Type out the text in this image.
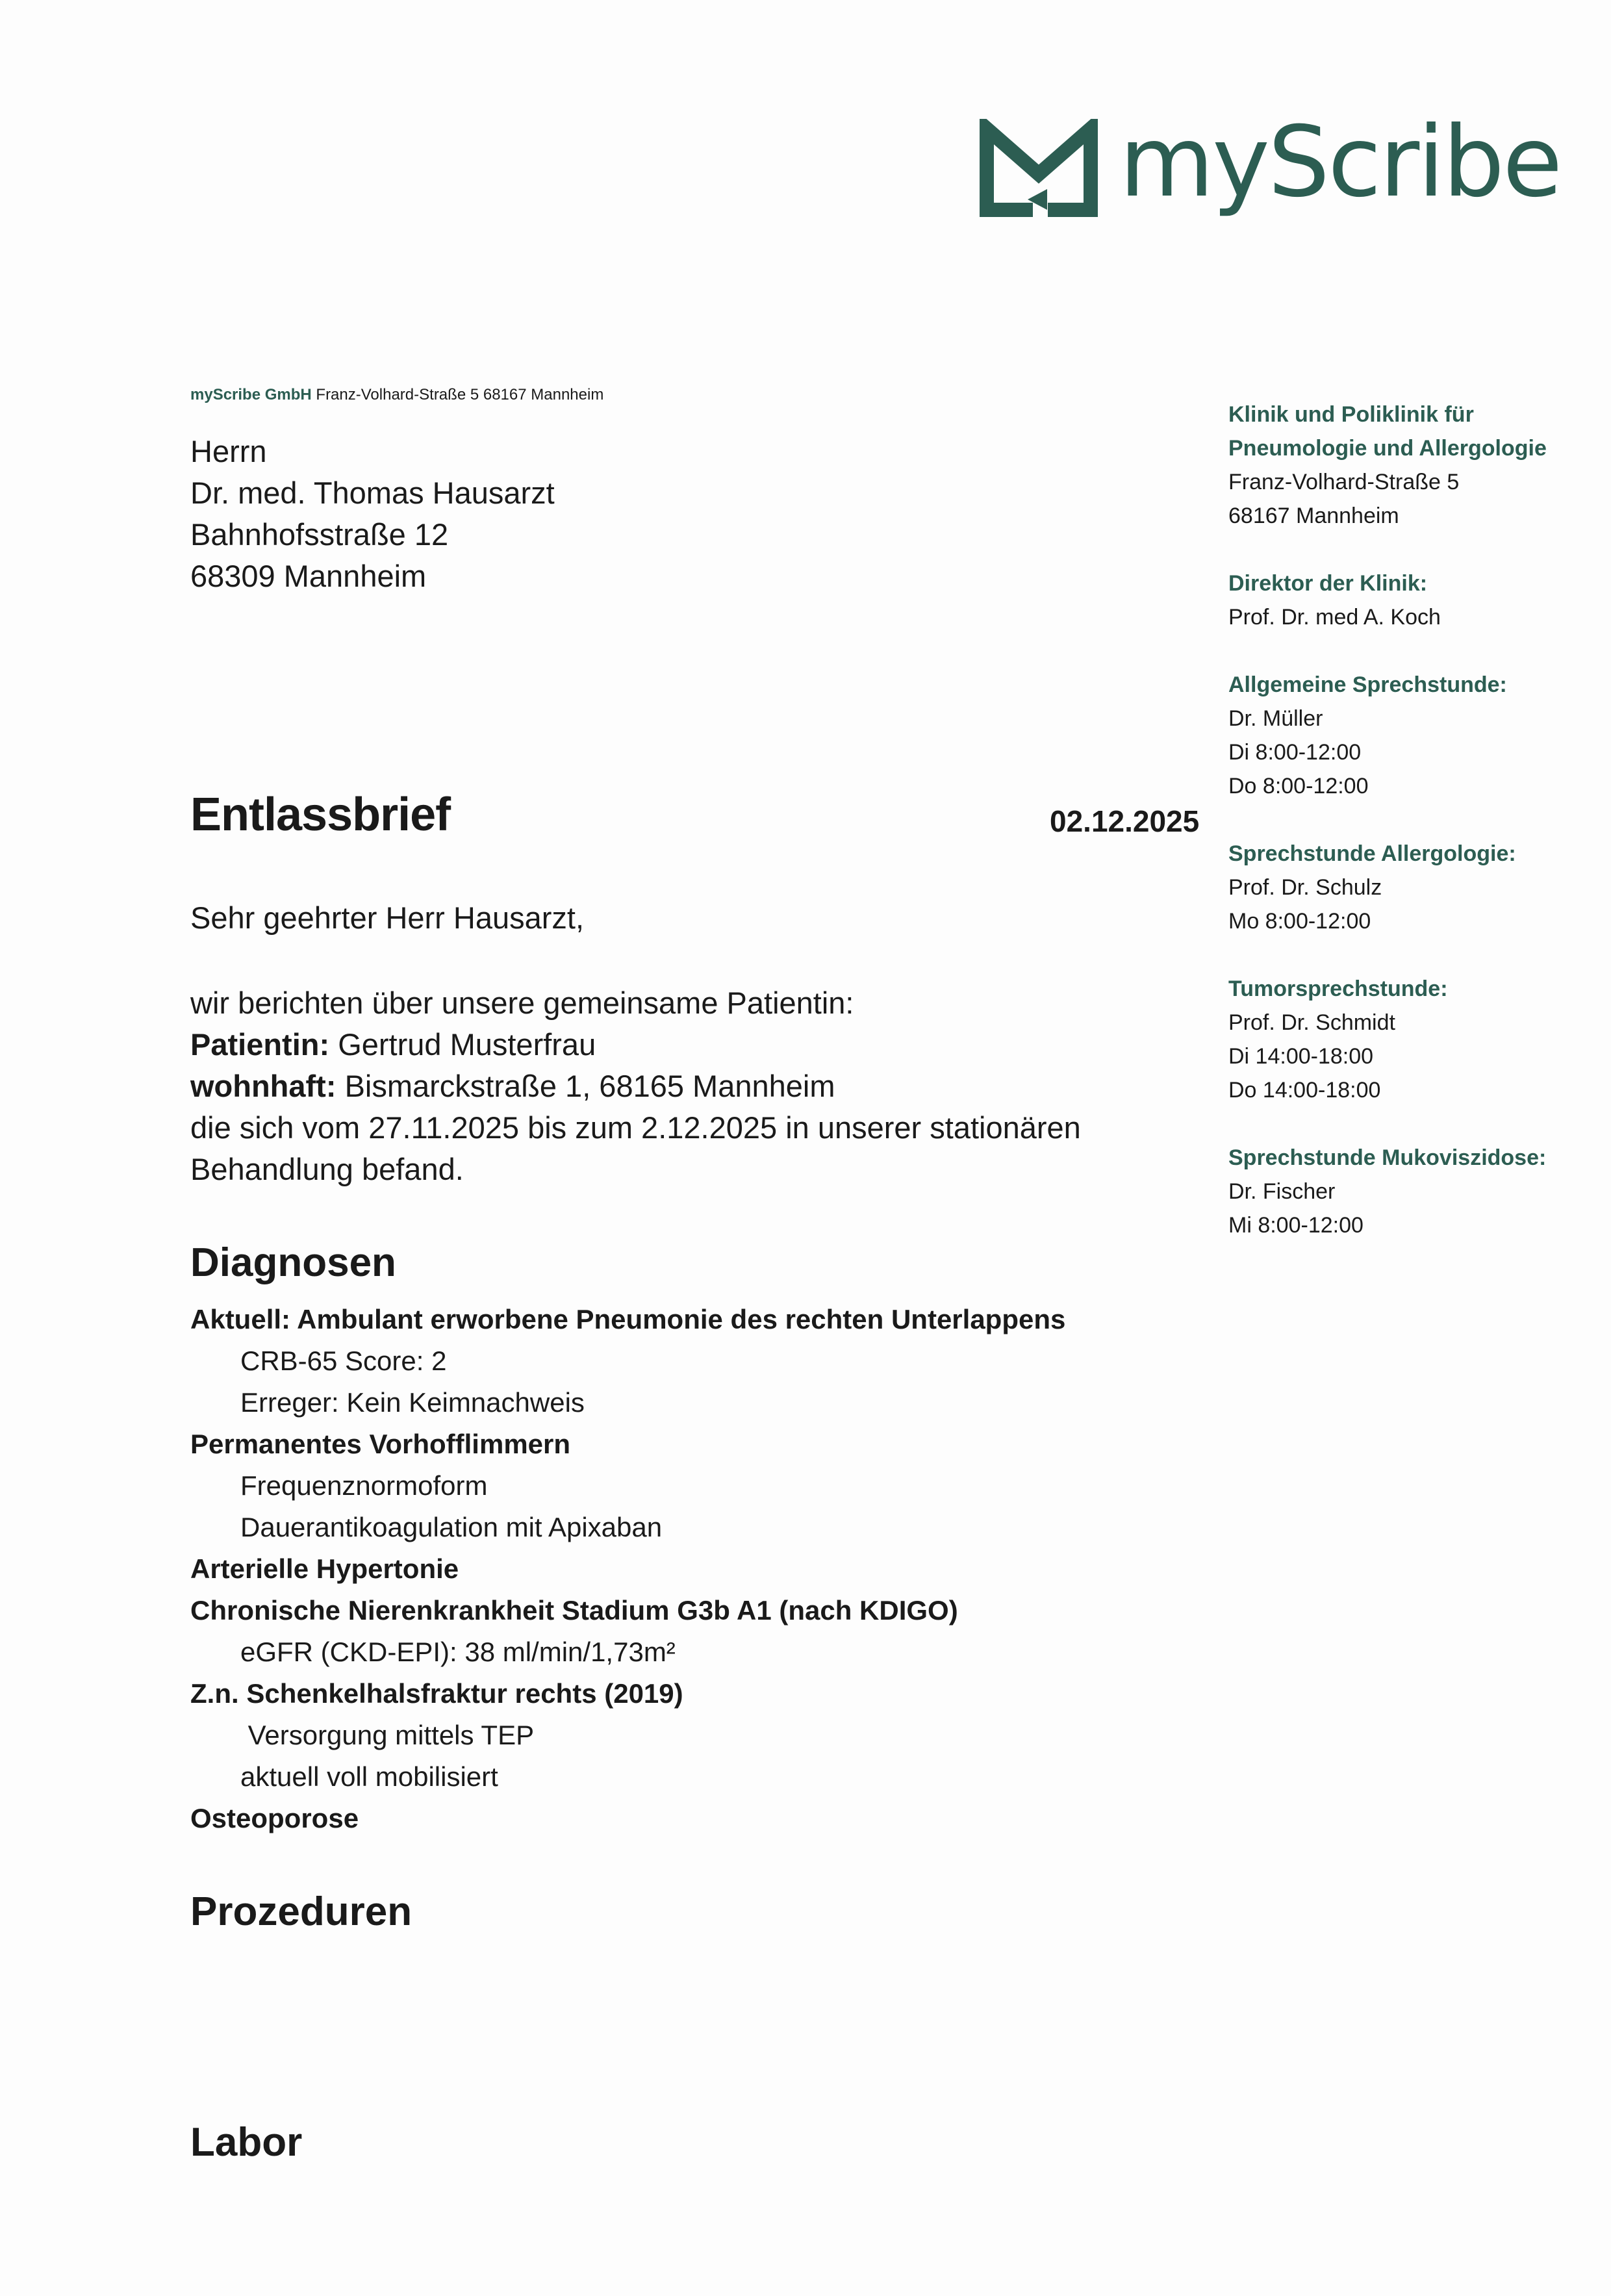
myScribe
myScribe GmbH Franz-Volhard-Straße 5 68167 Mannheim
Herrn
Dr. med. Thomas Hausarzt
Bahnhofsstraße 12
68309 Mannheim
Klinik und Poliklinik für
Pneumologie und Allergologie
Franz-Volhard-Straße 5
68167 Mannheim
Direktor der Klinik:
Prof. Dr. med A. Koch
Allgemeine Sprechstunde:
Dr. Müller
Di 8:00-12:00
Do 8:00-12:00
Sprechstunde Allergologie:
Prof. Dr. Schulz
Mo 8:00-12:00
Tumorsprechstunde:
Prof. Dr. Schmidt
Di 14:00-18:00
Do 14:00-18:00
Sprechstunde Mukoviszidose:
Dr. Fischer
Mi 8:00-12:00
Entlassbrief	02.12.2025
Sehr geehrter Herr Hausarzt,
wir berichten über unsere gemeinsame Patientin:
Patientin: Gertrud Musterfrau
wohnhaft: Bismarckstraße 1, 68165 Mannheim
die sich vom 27.11.2025 bis zum 2.12.2025 in unserer stationären Behandlung befand.
Diagnosen
Aktuell: Ambulant erworbene Pneumonie des rechten Unterlappens
CRB-65 Score: 2
Erreger: Kein Keimnachweis
Permanentes Vorhofflimmern
Frequenznormoform
Dauerantikoagulation mit Apixaban
Arterielle Hypertonie
Chronische Nierenkrankheit Stadium G3b A1 (nach KDIGO)
eGFR (CKD-EPI): 38 ml/min/1,73m²
Z.n. Schenkelhalsfraktur rechts (2019)
Versorgung mittels TEP
aktuell voll mobilisiert
Osteoporose
Prozeduren
Labor
